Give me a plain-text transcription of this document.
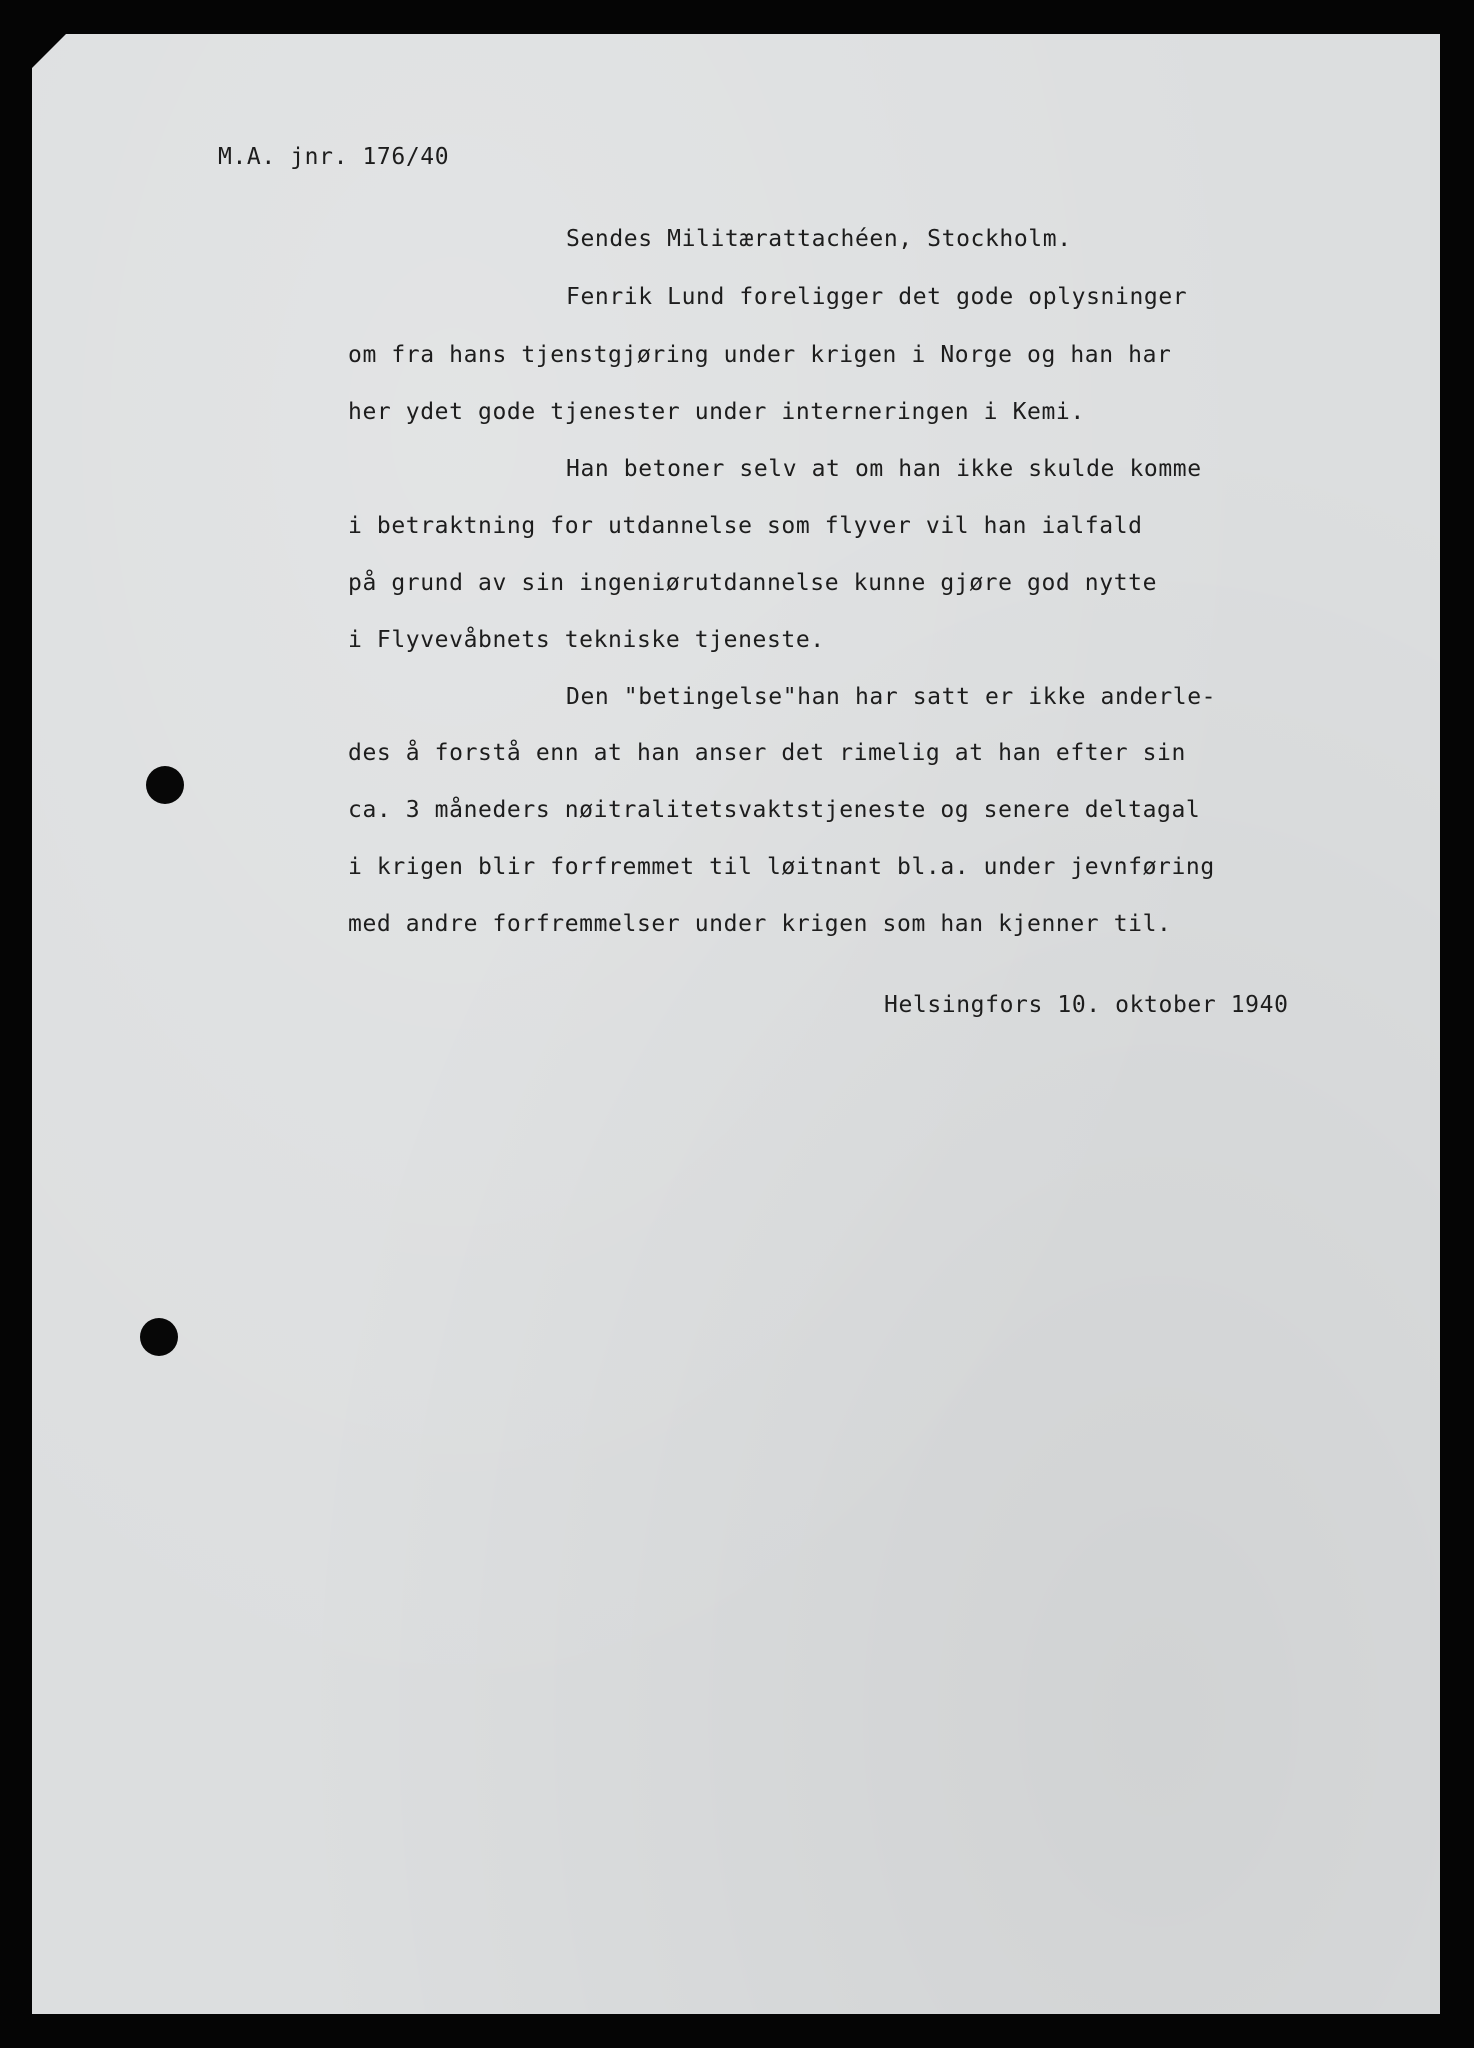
M.A. jnr. 176/40
Sendes Militærattachéen, Stockholm.
Fenrik Lund foreligger det gode oplysninger
om fra hans tjenstgjøring under krigen i Norge og han har
her ydet gode tjenester under interneringen i Kemi.
Han betoner selv at om han ikke skulde komme
i betraktning for utdannelse som flyver vil han ialfald
på grund av sin ingeniørutdannelse kunne gjøre god nytte
i Flyvevåbnets tekniske tjeneste.
Den "betingelse"han har satt er ikke anderle-
des å forstå enn at han anser det rimelig at han efter sin
ca. 3 måneders nøitralitetsvaktstjeneste og senere deltagal
i krigen blir forfremmet til løitnant bl.a. under jevnføring
med andre forfremmelser under krigen som han kjenner til.
Helsingfors 10. oktober 1940
